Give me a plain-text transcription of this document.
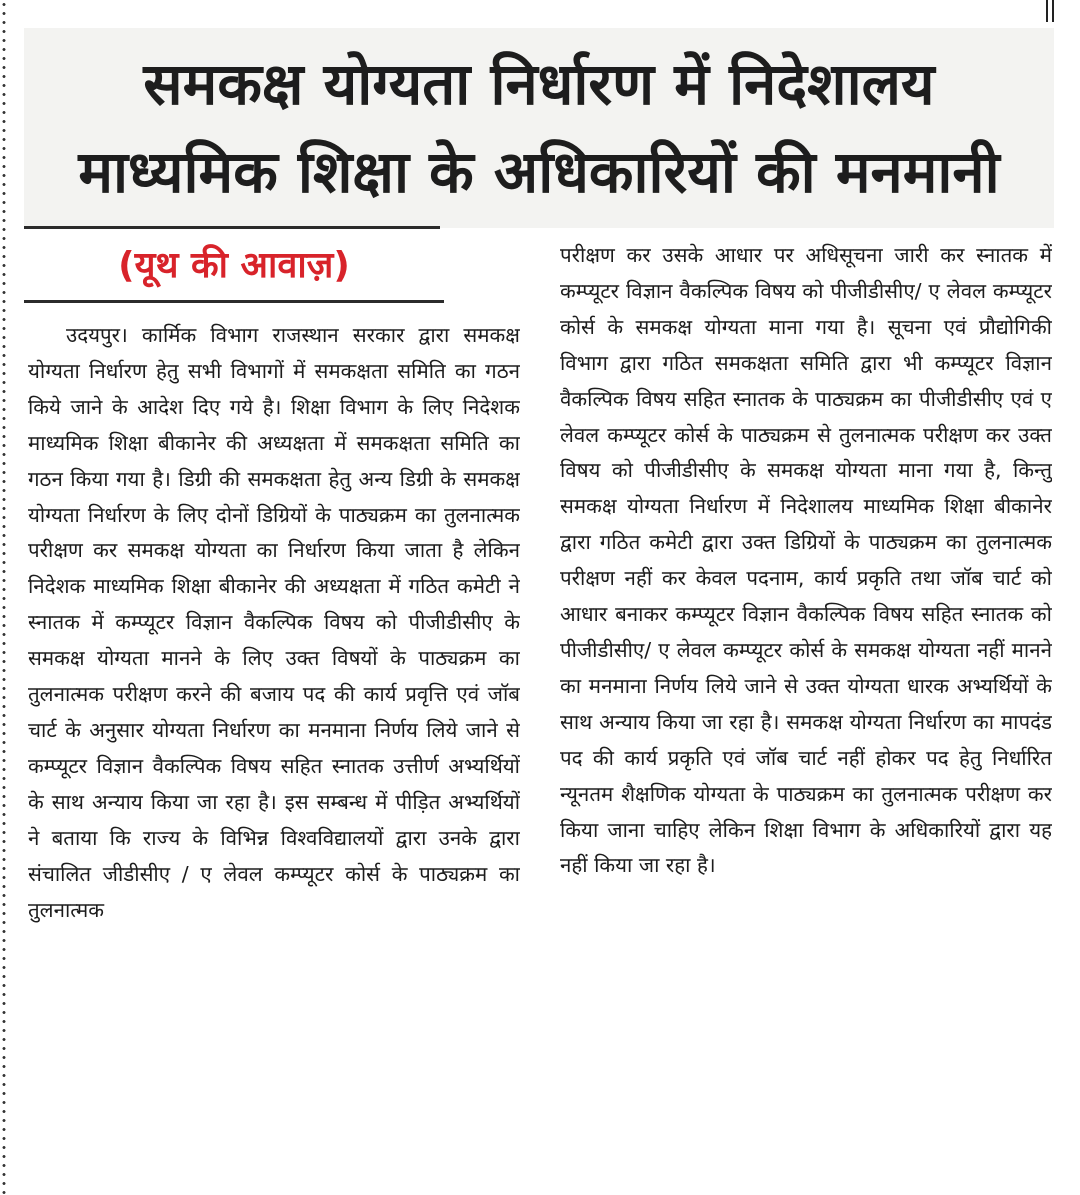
समकक्ष योग्यता निर्धारण में निदेशालय
माध्यमिक शिक्षा के अधिकारियों की मनमानी
(यूथ की आवाज़)

उदयपुर। कार्मिक विभाग राजस्थान सरकार द्वारा समकक्ष योग्यता निर्धारण हेतु सभी विभागों में समकक्षता समिति का गठन किये जाने के आदेश दिए गये है। शिक्षा विभाग के लिए निदेशक माध्यमिक शिक्षा बीकानेर की अध्यक्षता में समकक्षता समिति का गठन किया गया है। डिग्री की समकक्षता हेतु अन्य डिग्री के समकक्ष योग्यता निर्धारण के लिए दोनों डिग्रियों के पाठ्यक्रम का तुलनात्मक परीक्षण कर समकक्ष योग्यता का निर्धारण किया जाता है लेकिन निदेशक माध्यमिक शिक्षा बीकानेर की अध्यक्षता में गठित कमेटी ने स्नातक में कम्प्यूटर विज्ञान वैकल्पिक विषय को पीजीडीसीए के समकक्ष योग्यता मानने के लिए उक्त विषयों के पाठ्यक्रम का तुलनात्मक परीक्षण करने की बजाय पद की कार्य प्रवृत्ति एवं जॉब चार्ट के अनुसार योग्यता निर्धारण का मनमाना निर्णय लिये जाने से कम्प्यूटर विज्ञान वैकल्पिक विषय सहित स्नातक उत्तीर्ण अभ्यर्थियों के साथ अन्याय किया जा रहा है। इस सम्बन्ध में पीड़ित अभ्यर्थियों ने बताया कि राज्य के विभिन्न विश्वविद्यालयों द्वारा उनके द्वारा संचालित जीडीसीए / ए लेवल कम्प्यूटर कोर्स के पाठ्यक्रम का तुलनात्मक

परीक्षण कर उसके आधार पर अधिसूचना जारी कर स्नातक में कम्प्यूटर विज्ञान वैकल्पिक विषय को पीजीडीसीए/ ए लेवल कम्प्यूटर कोर्स के समकक्ष योग्यता माना गया है। सूचना एवं प्रौद्योगिकी विभाग द्वारा गठित समकक्षता समिति द्वारा भी कम्प्यूटर विज्ञान वैकल्पिक विषय सहित स्नातक के पाठ्यक्रम का पीजीडीसीए एवं ए लेवल कम्प्यूटर कोर्स के पाठ्यक्रम से तुलनात्मक परीक्षण कर उक्त विषय को पीजीडीसीए के समकक्ष योग्यता माना गया है, किन्तु समकक्ष योग्यता निर्धारण में निदेशालय माध्यमिक शिक्षा बीकानेर द्वारा गठित कमेटी द्वारा उक्त डिग्रियों के पाठ्यक्रम का तुलनात्मक परीक्षण नहीं कर केवल पदनाम, कार्य प्रकृति तथा जॉब चार्ट को आधार बनाकर कम्प्यूटर विज्ञान वैकल्पिक विषय सहित स्नातक को पीजीडीसीए/ ए लेवल कम्प्यूटर कोर्स के समकक्ष योग्यता नहीं मानने का मनमाना निर्णय लिये जाने से उक्त योग्यता धारक अभ्यर्थियों के साथ अन्याय किया जा रहा है। समकक्ष योग्यता निर्धारण का मापदंड पद की कार्य प्रकृति एवं जॉब चार्ट नहीं होकर पद हेतु निर्धारित न्यूनतम शैक्षणिक योग्यता के पाठ्यक्रम का तुलनात्मक परीक्षण कर किया जाना चाहिए लेकिन शिक्षा विभाग के अधिकारियों द्वारा यह नहीं किया जा रहा है।
